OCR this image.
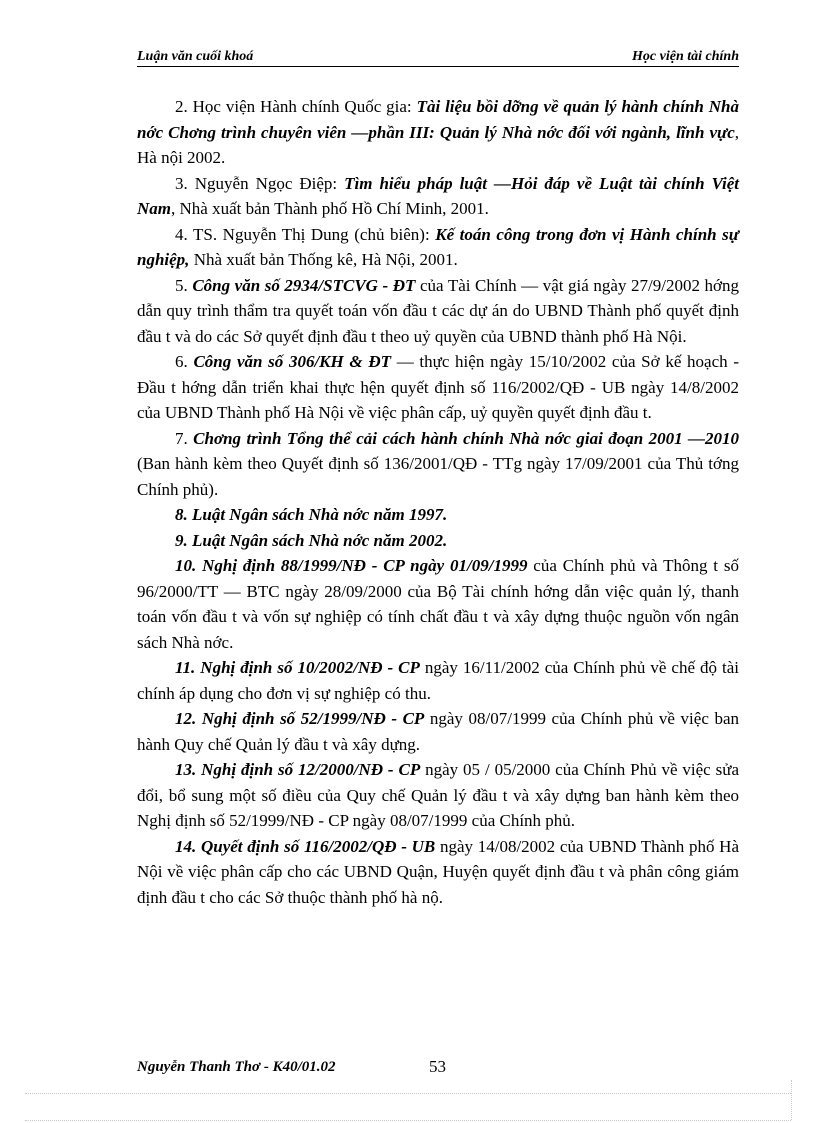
Luận văn cuối khoá	Học viện tài chính

2. Học viện Hành chính Quốc gia: Tài liệu bồi dỡng về quản lý hành chính Nhà nớc Chơng trình chuyên viên —phần III: Quản lý Nhà nớc đối với ngành, lĩnh vực, Hà nội 2002.

3. Nguyễn Ngọc Điệp: Tìm hiểu pháp luật —Hỏi đáp về Luật tài chính Việt Nam, Nhà xuất bản Thành phố Hồ Chí Minh, 2001.

4. TS. Nguyễn Thị Dung (chủ biên): Kế toán công trong đơn vị Hành chính sự nghiệp, Nhà xuất bản Thống kê, Hà Nội, 2001.

5. Công văn số 2934/STCVG - ĐT của Tài Chính — vật giá ngày 27/9/2002 hớng dẫn quy trình thẩm tra quyết toán vốn đầu t các dự án do UBND Thành phố quyết định đầu t và do các Sở quyết định đầu t theo uỷ quyền của UBND thành phố Hà Nội.

6. Công văn số 306/KH & ĐT — thực hiện ngày 15/10/2002 của Sở kế hoạch - Đầu t hớng dẫn triển khai thực hện quyết định số 116/2002/QĐ - UB ngày 14/8/2002 của UBND Thành phố Hà Nội về việc phân cấp, uỷ quyền quyết định đầu t.

7. Chơng trình Tổng thể cải cách hành chính Nhà nớc giai đoạn 2001 —2010 (Ban hành kèm theo Quyết định số 136/2001/QĐ - TTg ngày 17/09/2001 của Thủ tớng Chính phủ).

8. Luật Ngân sách Nhà nớc năm 1997.

9. Luật Ngân sách Nhà nớc năm 2002.

10. Nghị định 88/1999/NĐ - CP ngày 01/09/1999 của Chính phủ và Thông t số 96/2000/TT — BTC ngày 28/09/2000 của Bộ Tài chính hớng dẫn việc quản lý, thanh toán vốn đầu t và vốn sự nghiệp có tính chất đầu t và xây dựng thuộc nguồn vốn ngân sách Nhà nớc.

11. Nghị định số 10/2002/NĐ - CP ngày 16/11/2002 của Chính phủ về chế độ tài chính áp dụng cho đơn vị sự nghiệp có thu.

12. Nghị định số 52/1999/NĐ - CP ngày 08/07/1999 của Chính phủ về việc ban hành Quy chế Quản lý đầu t và xây dựng.

13. Nghị định số 12/2000/NĐ - CP ngày 05 / 05/2000 của Chính Phủ về việc sửa đổi, bổ sung một số điều của Quy chế Quản lý đầu t và xây dựng ban hành kèm theo Nghị định số 52/1999/NĐ - CP ngày 08/07/1999 của Chính phủ.

14. Quyết định số 116/2002/QĐ - UB ngày 14/08/2002 của UBND Thành phố Hà Nội về việc phân cấp cho các UBND Quận, Huyện quyết định đầu t và phân công giám định đầu t cho các Sở thuộc thành phố hà nộ.

Nguyễn Thanh Thơ - K40/01.02	53
